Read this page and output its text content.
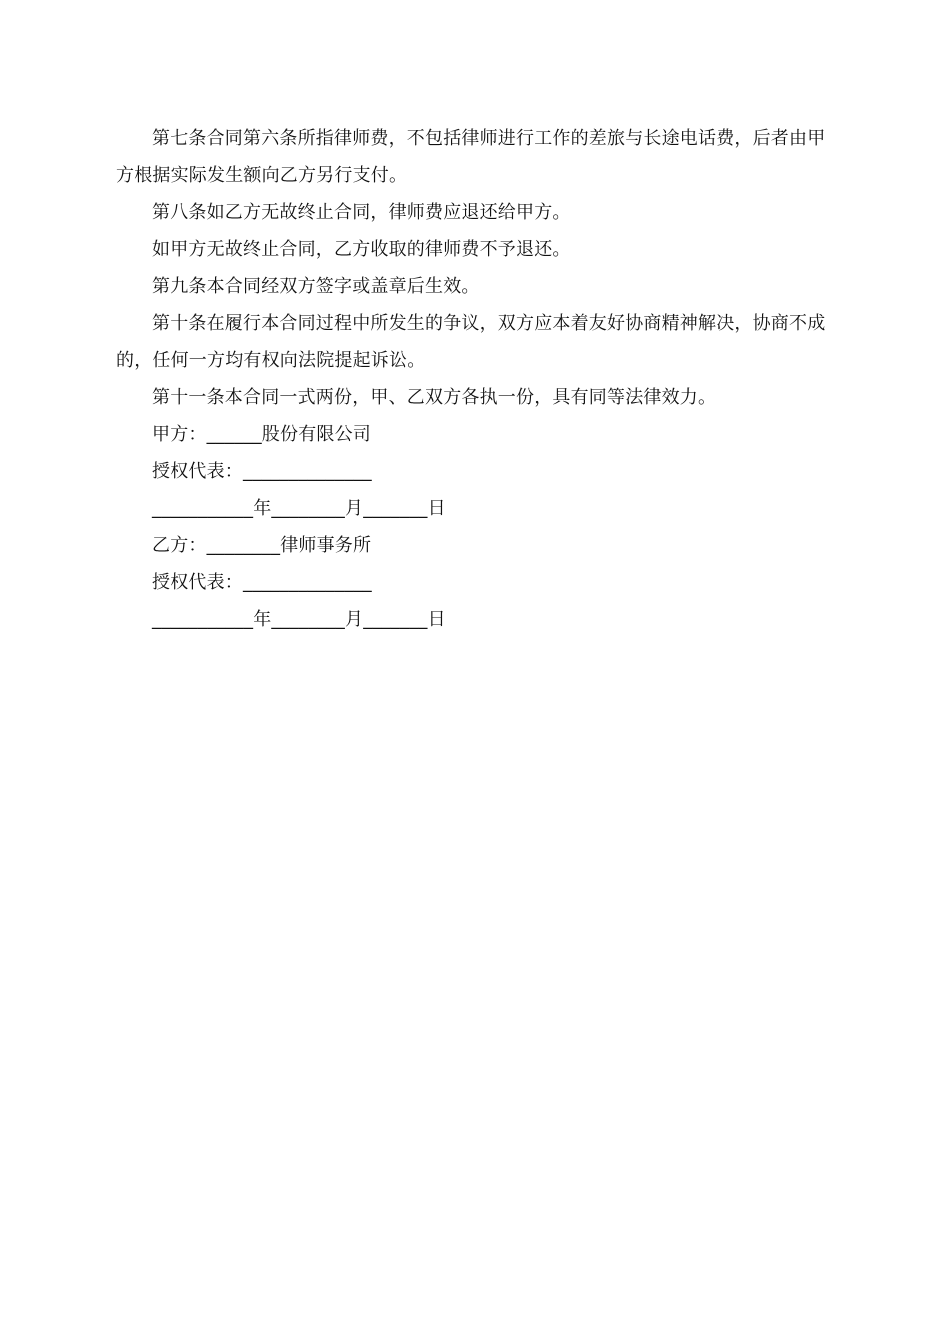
第七条合同第六条所指律师费，不包括律师进行工作的差旅与长途电话费，后者由甲方根据实际发生额向乙方另行支付。

第八条如乙方无故终止合同，律师费应退还给甲方。

如甲方无故终止合同，乙方收取的律师费不予退还。

第九条本合同经双方签字或盖章后生效。

第十条在履行本合同过程中所发生的争议，双方应本着友好协商精神解决，协商不成的，任何一方均有权向法院提起诉讼。

第十一条本合同一式两份，甲、乙双方各执一份，具有同等法律效力。

甲方：______股份有限公司

授权代表：______________

___________年________月_______日

乙方：________律师事务所

授权代表：______________

___________年________月_______日
